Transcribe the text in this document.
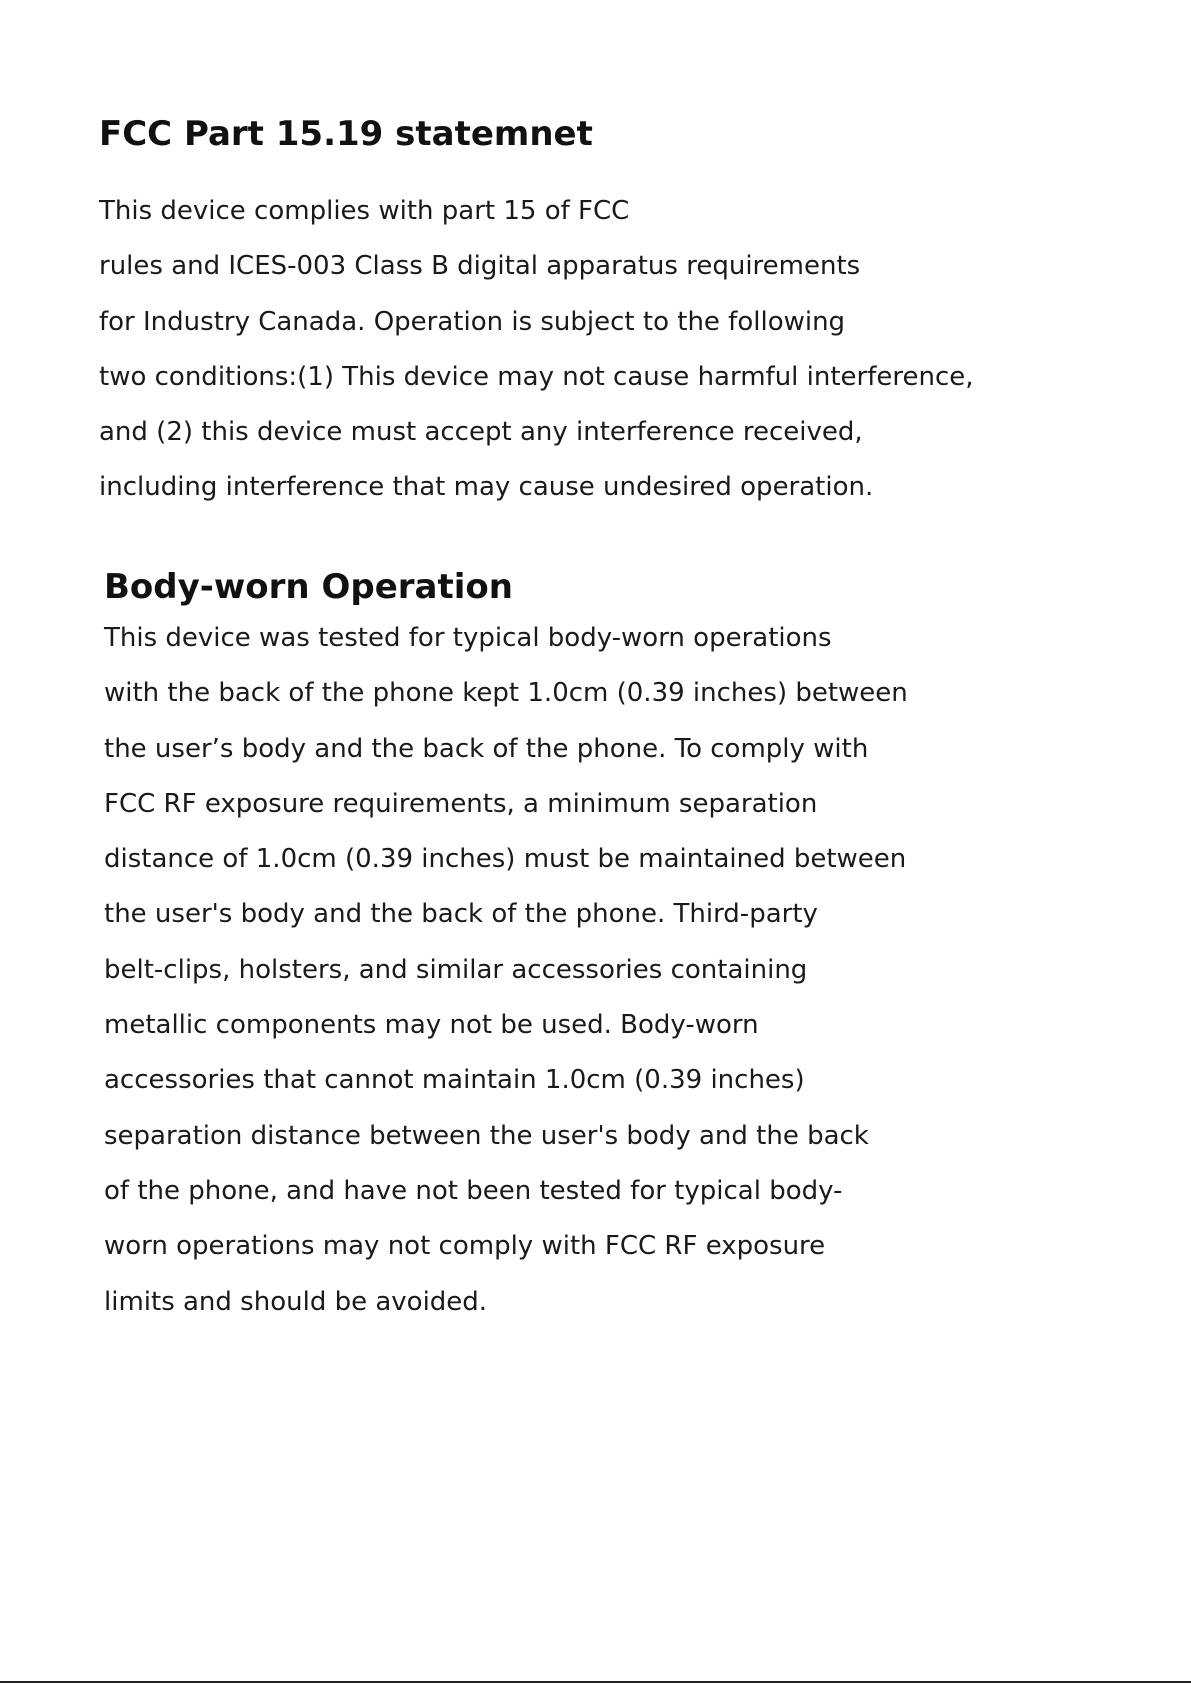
FCC Part 15.19 statemnet
This device complies with part 15 of FCC
rules and ICES-003 Class B digital apparatus requirements
for Industry Canada. Operation is subject to the following
two conditions:(1) This device may not cause harmful interference,
and (2) this device must accept any interference received,
including interference that may cause undesired operation.
Body-worn Operation
This device was tested for typical body-worn operations
with the back of the phone kept 1.0cm (0.39 inches) between
the user’s body and the back of the phone. To comply with
FCC RF exposure requirements, a minimum separation
distance of 1.0cm (0.39 inches) must be maintained between
the user's body and the back of the phone. Third-party
belt-clips, holsters, and similar accessories containing
metallic components may not be used. Body-worn
accessories that cannot maintain 1.0cm (0.39 inches)
separation distance between the user's body and the back
of the phone, and have not been tested for typical body-
worn operations may not comply with FCC RF exposure
limits and should be avoided.
